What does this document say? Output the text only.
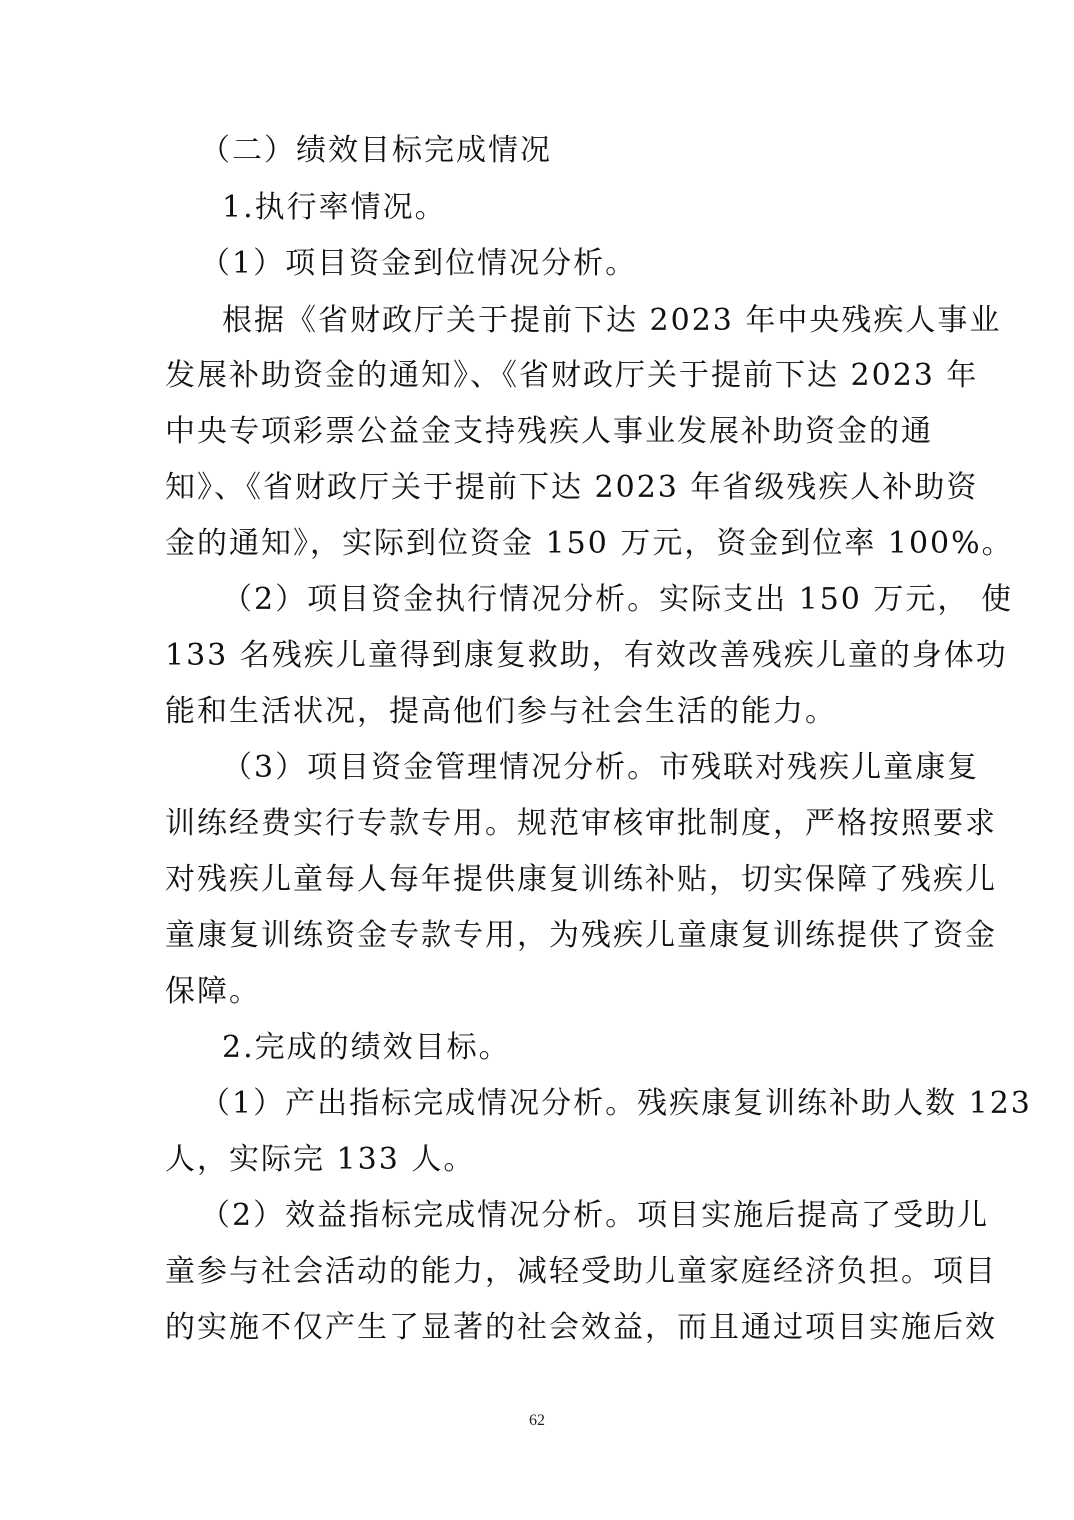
（二）绩效目标完成情况
1.执行率情况。
（1）项目资金到位情况分析。
根据《省财政厅关于提前下达 2023 年中央残疾人事业
发展补助资金的通知》、《省财政厅关于提前下达 2023 年
中央专项彩票公益金支持残疾人事业发展补助资金的通
知》、《省财政厅关于提前下达 2023 年省级残疾人补助资
金的通知》，实际到位资金 150 万元，资金到位率 100%。
（2）项目资金执行情况分析。实际支出 150 万元， 使
133 名残疾儿童得到康复救助，有效改善残疾儿童的身体功
能和生活状况，提高他们参与社会生活的能力。
（3）项目资金管理情况分析。市残联对残疾儿童康复
训练经费实行专款专用。规范审核审批制度，严格按照要求
对残疾儿童每人每年提供康复训练补贴，切实保障了残疾儿
童康复训练资金专款专用，为残疾儿童康复训练提供了资金
保障。
2.完成的绩效目标。
（1）产出指标完成情况分析。残疾康复训练补助人数 123
人，实际完 133 人。
（2）效益指标完成情况分析。项目实施后提高了受助儿
童参与社会活动的能力，减轻受助儿童家庭经济负担。项目
的实施不仅产生了显著的社会效益，而且通过项目实施后效
62
